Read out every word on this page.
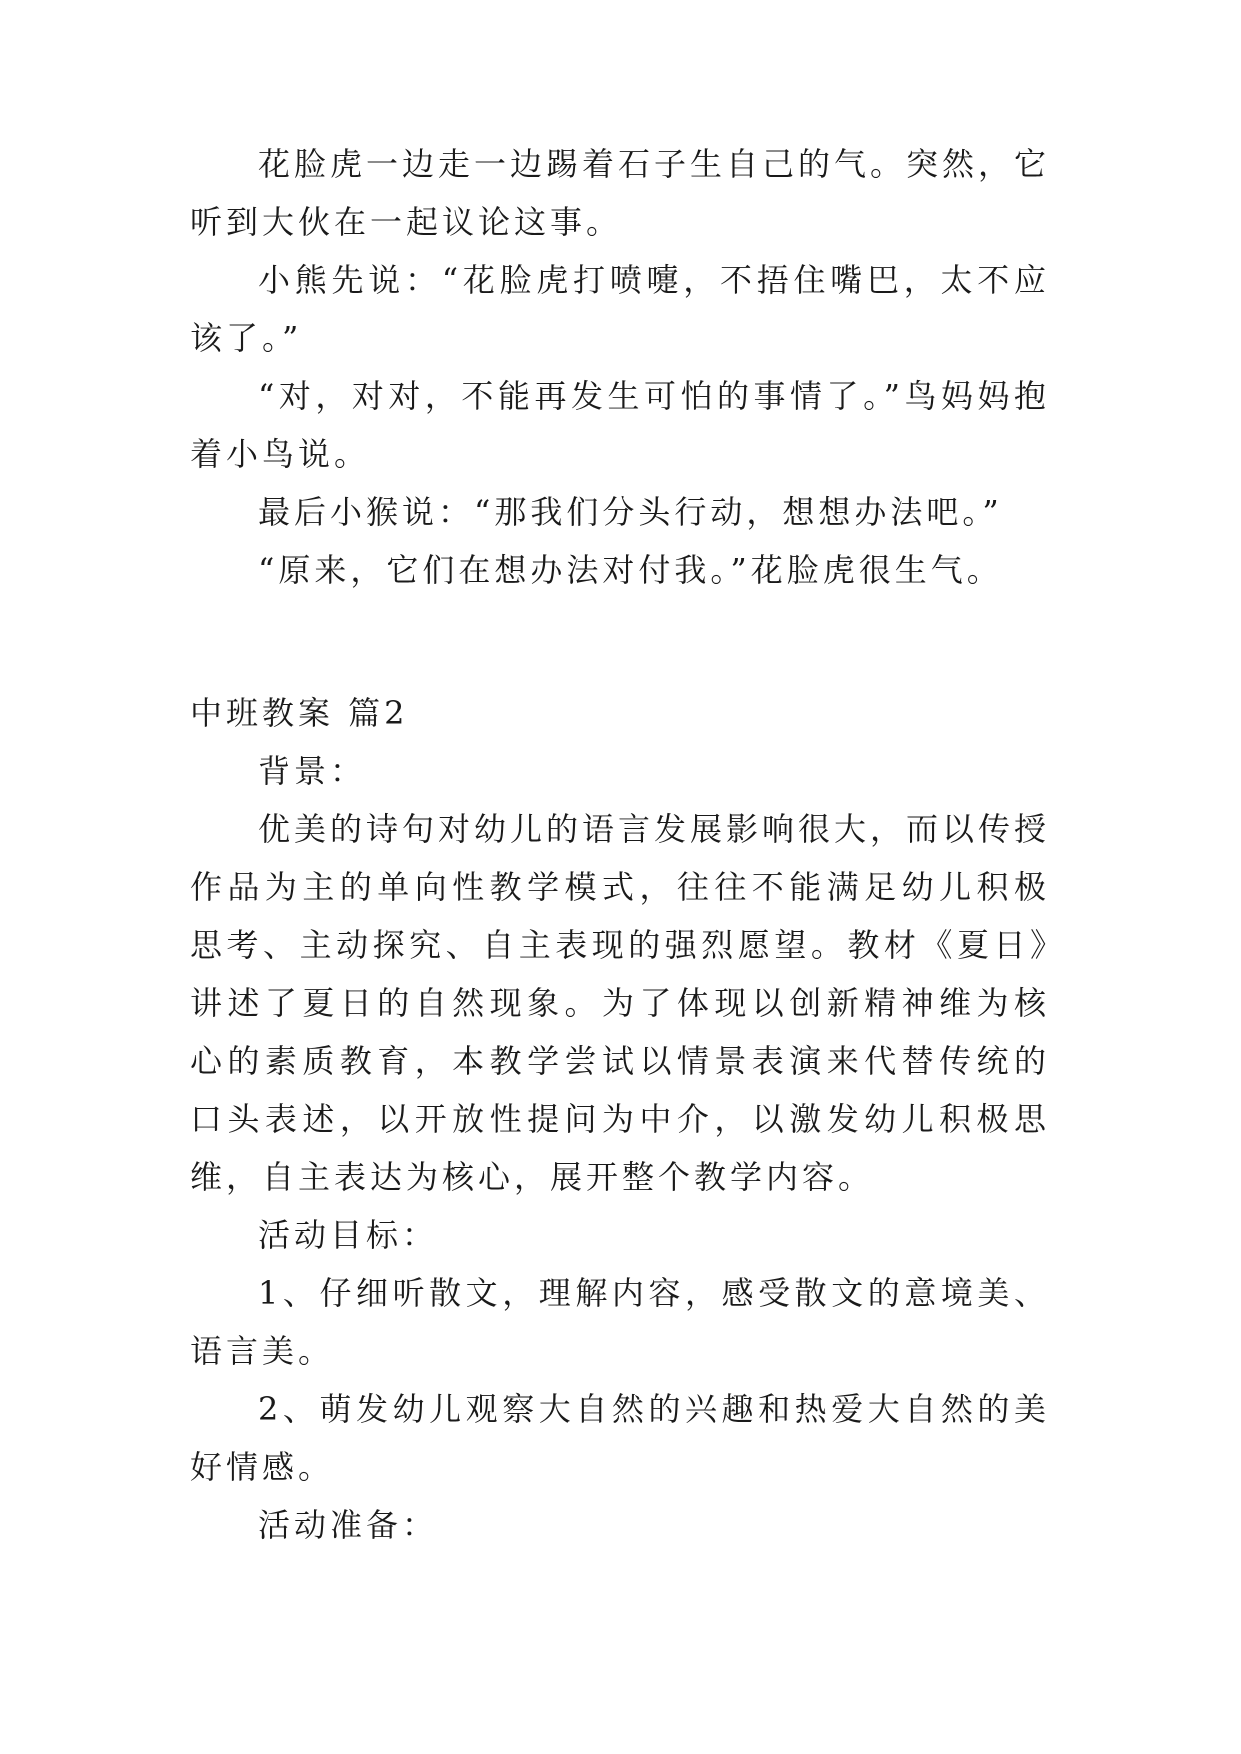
花脸虎一边走一边踢着石子生自己的气。突然，它听到大伙在一起议论这事。

小熊先说：“花脸虎打喷嚏，不捂住嘴巴，太不应该了。”

“对，对对，不能再发生可怕的事情了。”鸟妈妈抱着小鸟说。

最后小猴说：“那我们分头行动，想想办法吧。”

“原来，它们在想办法对付我。”花脸虎很生气。

中班教案 篇2

背景：

优美的诗句对幼儿的语言发展影响很大，而以传授作品为主的单向性教学模式，往往不能满足幼儿积极思考、主动探究、自主表现的强烈愿望。教材《夏日》讲述了夏日的自然现象。为了体现以创新精神维为核心的素质教育，本教学尝试以情景表演来代替传统的口头表述，以开放性提问为中介，以激发幼儿积极思维，自主表达为核心，展开整个教学内容。

活动目标：

1、仔细听散文，理解内容，感受散文的意境美、语言美。

2、萌发幼儿观察大自然的兴趣和热爱大自然的美好情感。

活动准备：
